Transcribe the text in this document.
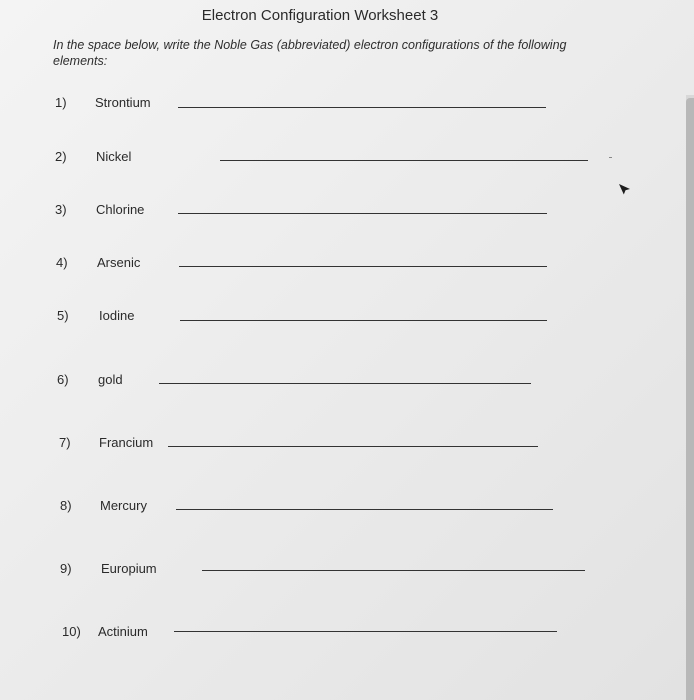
Electron Configuration Worksheet 3
In the space below, write the Noble Gas (abbreviated) electron configurations of the following elements:
1) Strontium
2) Nickel
3) Chlorine
4) Arsenic
5) Iodine
6) gold
7) Francium
8) Mercury
9) Europium
10) Actinium
